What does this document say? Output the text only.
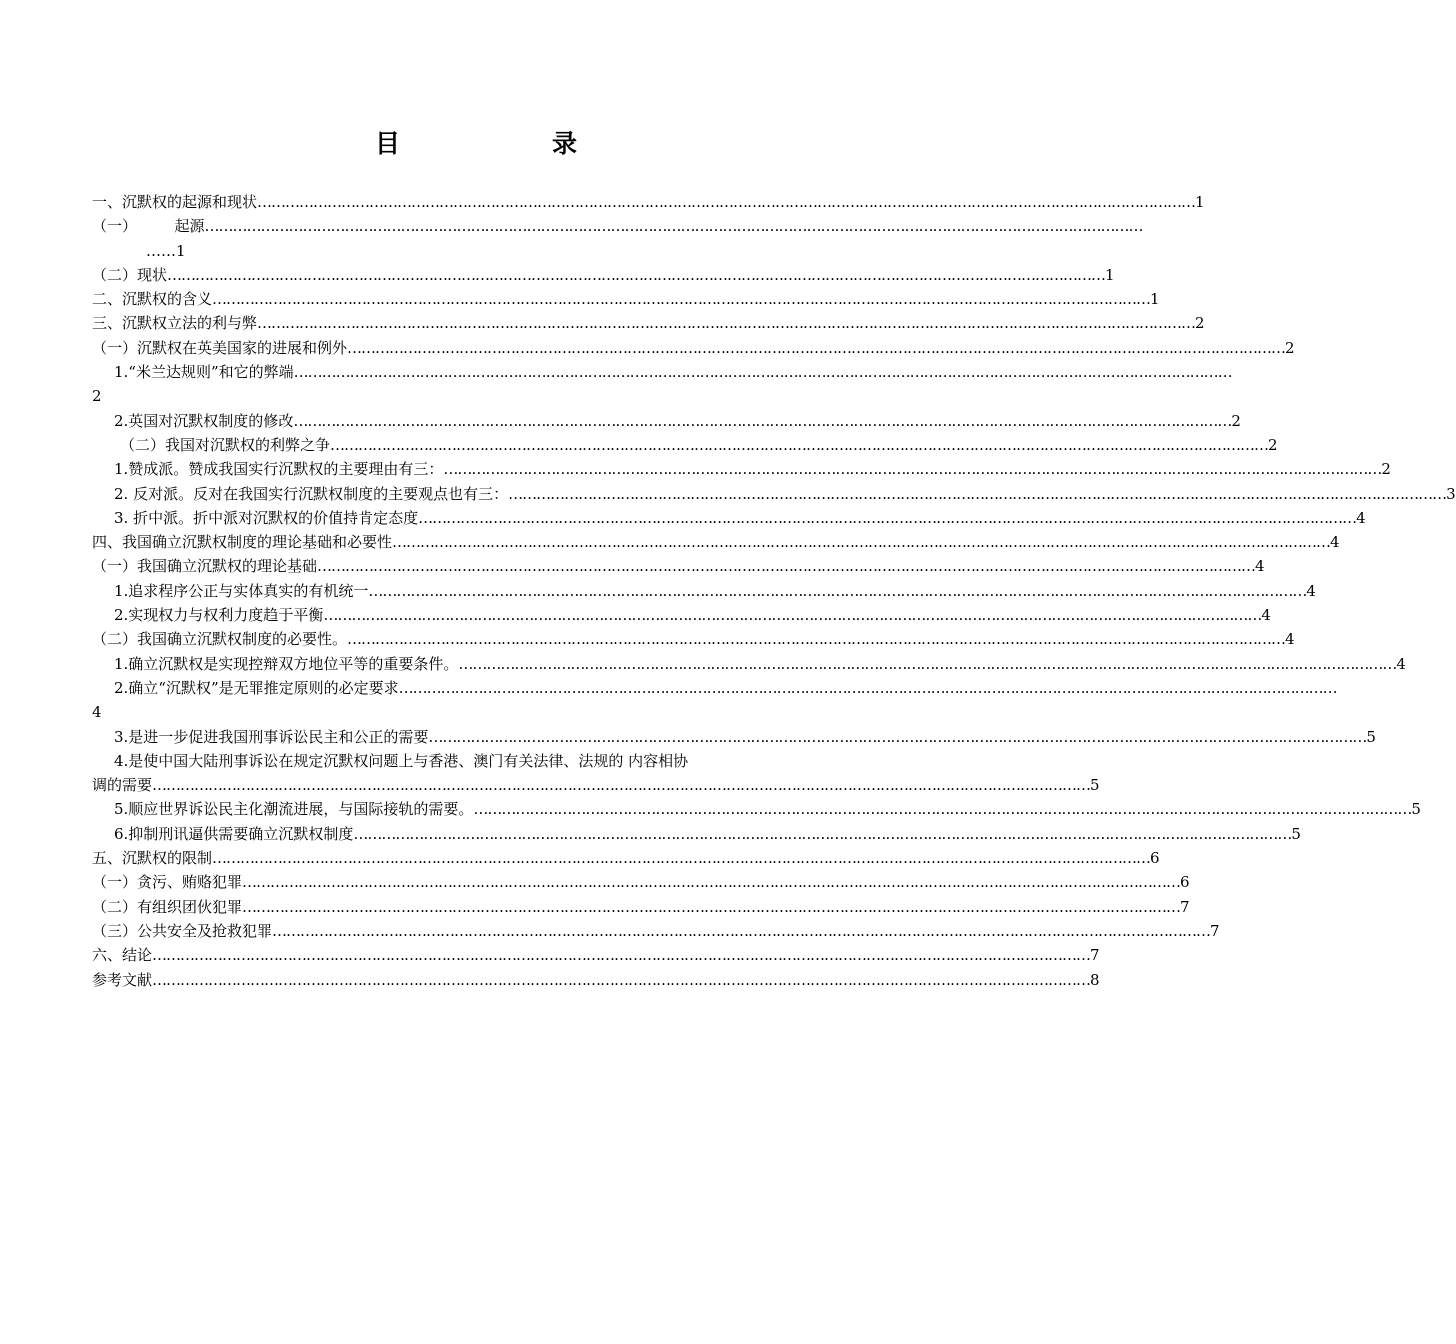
目	录
一、沉默权的起源和现状 ………………………………………………………………………………………………………………………………………………………………………………… 1
（一）　　　起源 …………………………………………………………………………………………………………………………………………………………………………………
……1
（二）现状 ………………………………………………………………………………………………………………………………………………………………………………… 1
二、沉默权的含义 ………………………………………………………………………………………………………………………………………………………………………………… 1
三、沉默权立法的利与弊 ………………………………………………………………………………………………………………………………………………………………………………… 2
（一）沉默权在英美国家的进展和例外 ………………………………………………………………………………………………………………………………………………………………………………… 2
1.“米兰达规则”和它的弊端 …………………………………………………………………………………………………………………………………………………………………………………
2
2.英国对沉默权制度的修改 ………………………………………………………………………………………………………………………………………………………………………………… 2
（二）我国对沉默权的利弊之争 ………………………………………………………………………………………………………………………………………………………………………………… 2
1.赞成派。赞成我国实行沉默权的主要理由有三： ………………………………………………………………………………………………………………………………………………………………………………… 2
2. 反对派。反对在我国实行沉默权制度的主要观点也有三： ………………………………………………………………………………………………………………………………………………………………………………… 3
3. 折中派。折中派对沉默权的价值持肯定态度 ………………………………………………………………………………………………………………………………………………………………………………… 4
四、我国确立沉默权制度的理论基础和必要性 ………………………………………………………………………………………………………………………………………………………………………………… 4
（一）我国确立沉默权的理论基础 ………………………………………………………………………………………………………………………………………………………………………………… 4
1.追求程序公正与实体真实的有机统一 ………………………………………………………………………………………………………………………………………………………………………………… 4
2.实现权力与权利力度趋于平衡 ………………………………………………………………………………………………………………………………………………………………………………… 4
（二）我国确立沉默权制度的必要性。 ………………………………………………………………………………………………………………………………………………………………………………… 4
1.确立沉默权是实现控辩双方地位平等的重要条件。 ………………………………………………………………………………………………………………………………………………………………………………… 4
2.确立“沉默权”是无罪推定原则的必定要求 …………………………………………………………………………………………………………………………………………………………………………………
4
3.是进一步促进我国刑事诉讼民主和公正的需要 ………………………………………………………………………………………………………………………………………………………………………………… 5
4.是使中国大陆刑事诉讼在规定沉默权问题上与香港、澳门有关法律、法规的 内容相协
调的需要 ………………………………………………………………………………………………………………………………………………………………………………… 5
5.顺应世界诉讼民主化潮流进展，与国际接轨的需要。 ………………………………………………………………………………………………………………………………………………………………………………… 5
6.抑制刑讯逼供需要确立沉默权制度 ………………………………………………………………………………………………………………………………………………………………………………… 5
五、沉默权的限制 ………………………………………………………………………………………………………………………………………………………………………………… 6
（一）贪污、贿赂犯罪 ………………………………………………………………………………………………………………………………………………………………………………… 6
（二）有组织团伙犯罪 ………………………………………………………………………………………………………………………………………………………………………………… 7
（三）公共安全及抢救犯罪 ………………………………………………………………………………………………………………………………………………………………………………… 7
六、结论 ………………………………………………………………………………………………………………………………………………………………………………… 7
参考文献 ………………………………………………………………………………………………………………………………………………………………………………… 8
